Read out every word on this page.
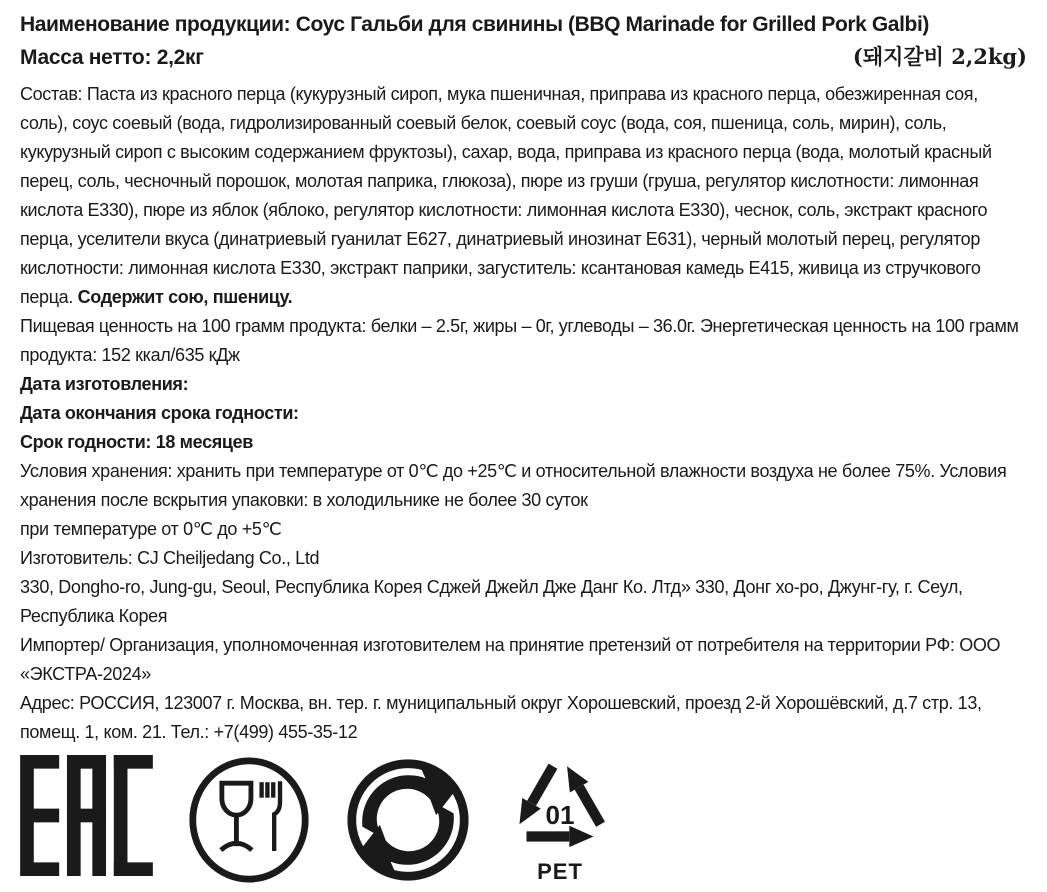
Наименование продукции: Соус Гальби для свинины (BBQ Marinade for Grilled Pork Galbi)
Масса нетто: 2,2кг	(돼지갈비 2,2kg)

Состав: Паста из красного перца (кукурузный сироп, мука пшеничная, приправа из красного перца, обезжиренная соя, соль), соус соевый (вода, гидролизированный соевый белок, соевый соус (вода, соя, пшеница, соль, мирин), соль, кукурузный сироп с высоким содержанием фруктозы), сахар, вода, приправа из красного перца (вода, молотый красный перец, соль, чесночный порошок, молотая паприка, глюкоза), пюре из груши (груша, регулятор кислотности: лимонная кислота Е330), пюре из яблок (яблоко, регулятор кислотности: лимонная кислота Е330), чеснок, соль, экстракт красного перца, уселители вкуса (динатриевый гуанилат Е627, динатриевый инозинат Е631), черный молотый перец, регулятор кислотности: лимонная кислота Е330, экстракт паприки, загуститель: ксантановая камедь Е415, живица из стручкового перца. Содержит сою, пшеницу.

Пищевая ценность на 100 грамм продукта: белки – 2.5г, жиры – 0г, углеводы – 36.0г. Энергетическая ценность на 100 грамм продукта: 152 ккал/635 кДж

Дата изготовления:

Дата окончания срока годности:

Срок годности: 18 месяцев

Условия хранения: хранить при температуре от 0℃ до +25℃ и относительной влажности воздуха не более 75%. Условия хранения после вскрытия упаковки: в холодильнике не более 30 суток

при температуре от 0℃ до +5℃

Изготовитель: CJ Cheiljedang Co., Ltd

330, Dongho-ro, Jung-gu, Seoul, Республика Корея Сджей Джейл Дже Данг Ко. Лтд» 330, Донг хо-ро, Джунг-гу, г. Сеул, Республика Корея

Импортер/ Организация, уполномоченная изготовителем на принятие претензий от потребителя на территории РФ: ООО «ЭКСТРА-2024»

Адрес: РОССИЯ, 123007 г. Москва, вн. тер. г. муниципальный округ Хорошевский, проезд 2-й Хорошёвский, д.7 стр. 13, помещ. 1, ком. 21. Тел.: +7(499) 455-35-12

01
PET
